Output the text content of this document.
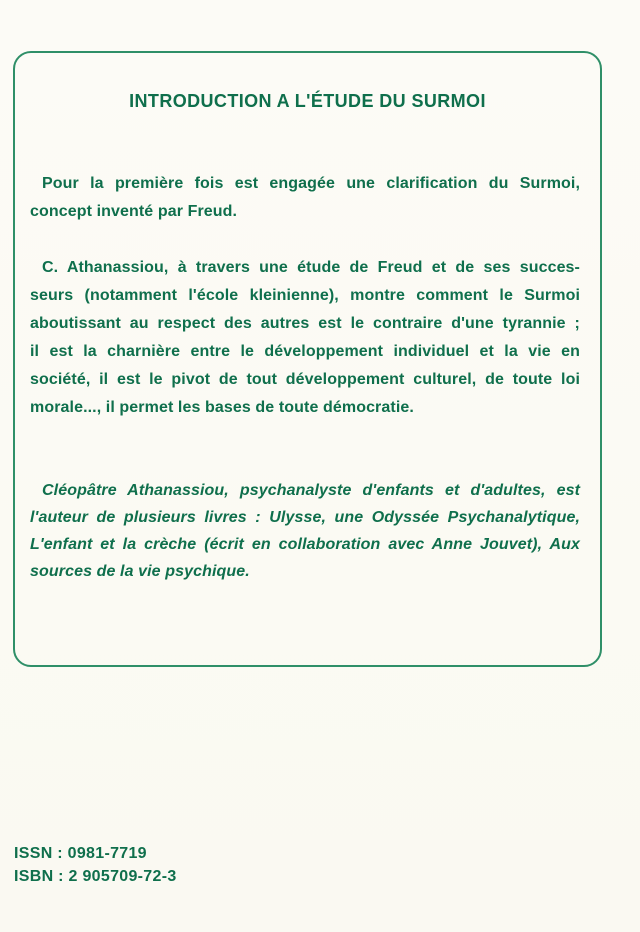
INTRODUCTION A L'ÉTUDE DU SURMOI
Pour la première fois est engagée une clarification du Surmoi,
concept inventé par Freud.
C. Athanassiou, à travers une étude de Freud et de ses succes-
seurs (notamment l'école kleinienne), montre comment le Surmoi
aboutissant au respect des autres est le contraire d'une tyrannie ;
il est la charnière entre le développement individuel et la vie en
société, il est le pivot de tout développement culturel, de toute loi
morale..., il permet les bases de toute démocratie.
Cléopâtre Athanassiou, psychanalyste d'enfants et d'adultes, est
l'auteur de plusieurs livres : Ulysse, une Odyssée Psychanalytique,
L'enfant et la crèche (écrit en collaboration avec Anne Jouvet), Aux
sources de la vie psychique.
ISSN : 0981-7719
ISBN : 2 905709-72-3
